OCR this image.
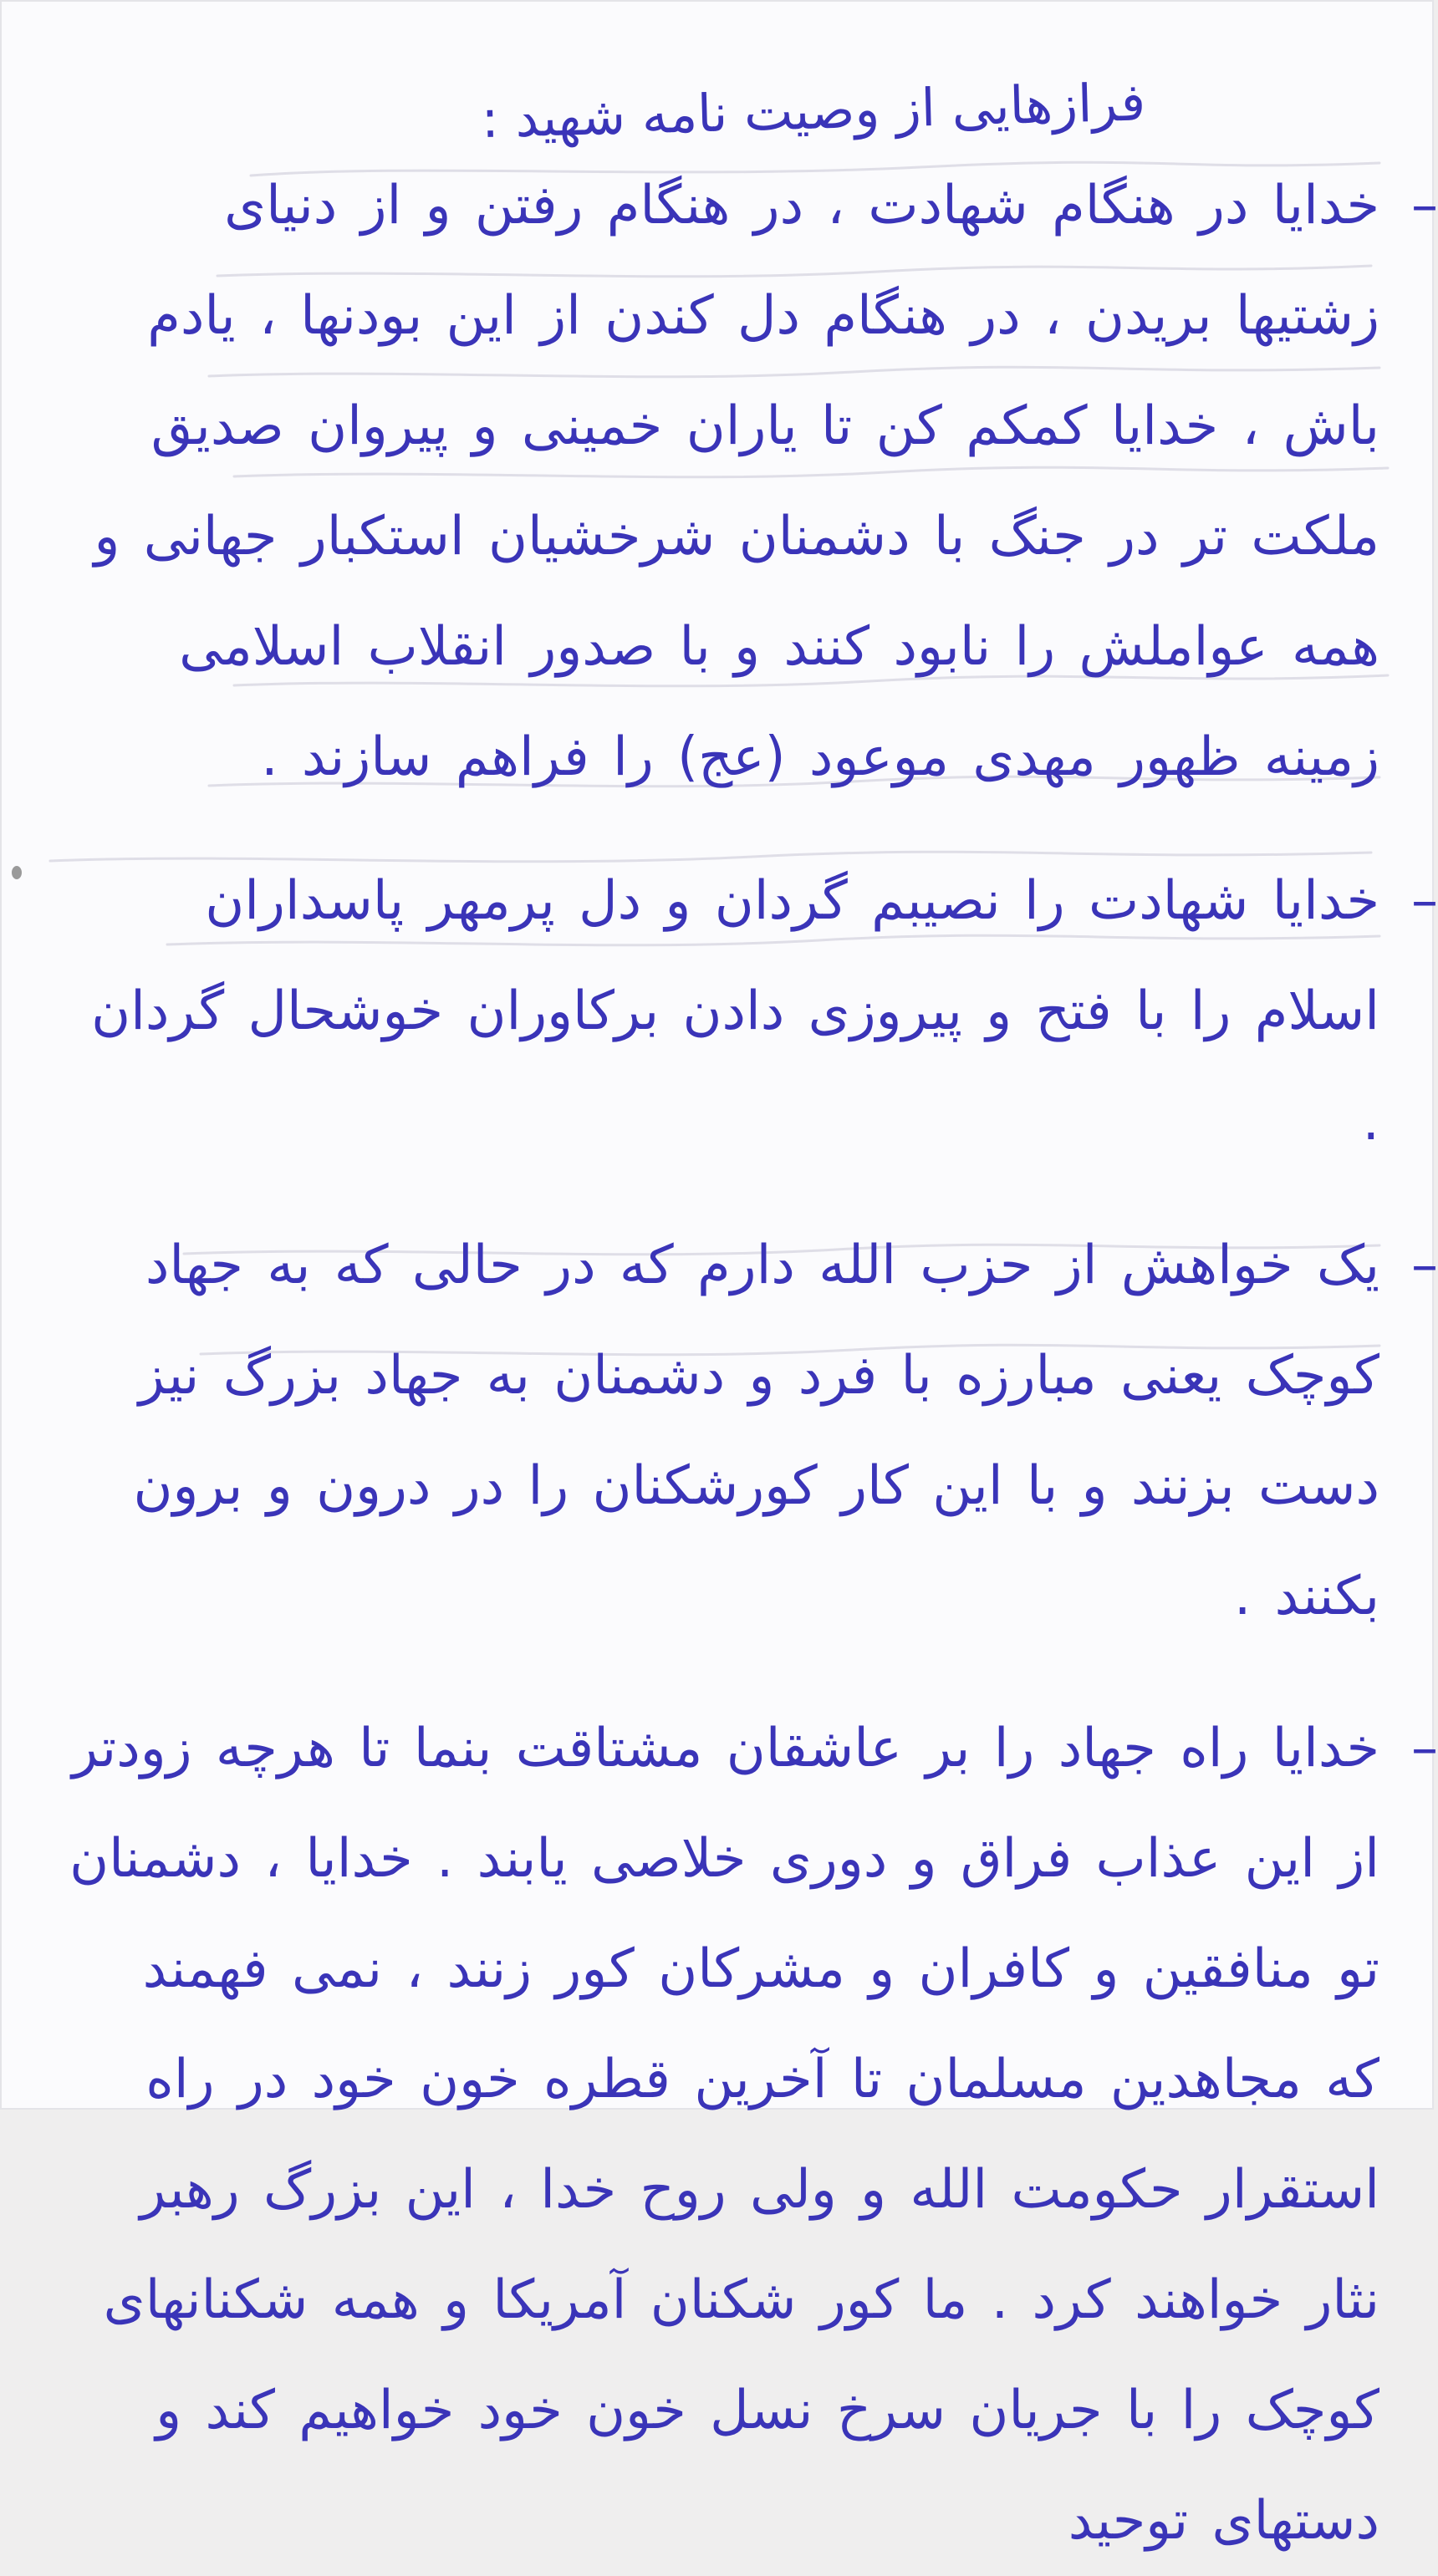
فرازهایی از وصیت نامه شهید :
–
خدایا در هنگام شهادت ، در هنگام رفتن و از دنیای زشتیها بریدن ، در هنگام دل کندن از این بودنها ، یادم باش ، خدایا کمکم کن تا یاران خمینی و پیروان صدیق ملکت تر در جنگ با دشمنان شرخشیان استکبار جهانی و همه عواملش را نابود کنند و با صدور انقلاب اسلامی زمینه ظهور مهدی موعود (عج) را فراهم سازند .
–
خدایا شهادت را نصیبم گردان و دل پرمهر پاسداران اسلام را با فتح و پیروزی دادن برکاوران خوشحال گردان .
–
یک خواهش از حزب الله دارم که در حالی که به جهاد کوچک یعنی مبارزه با فرد و دشمنان به جهاد بزرگ نیز دست بزنند و با این کار کورشکنان را در درون و برون بکنند .
–
خدایا راه جهاد را بر عاشقان مشتاقت بنما تا هرچه زودتر از این عذاب فراق و دوری خلاصی یابند . خدایا ، دشمنان تو منافقین و کافران و مشرکان کور زنند ، نمی فهمند که مجاهدین مسلمان تا آخرین قطره خون خود در راه استقرار حکومت الله و ولی روح خدا ، این بزرگ رهبر نثار خواهند کرد . ما کور شکنان آمریکا و همه شکنانهای کوچک را با جریان سرخ نسل خون خود خواهیم کند و دستهای توحید
